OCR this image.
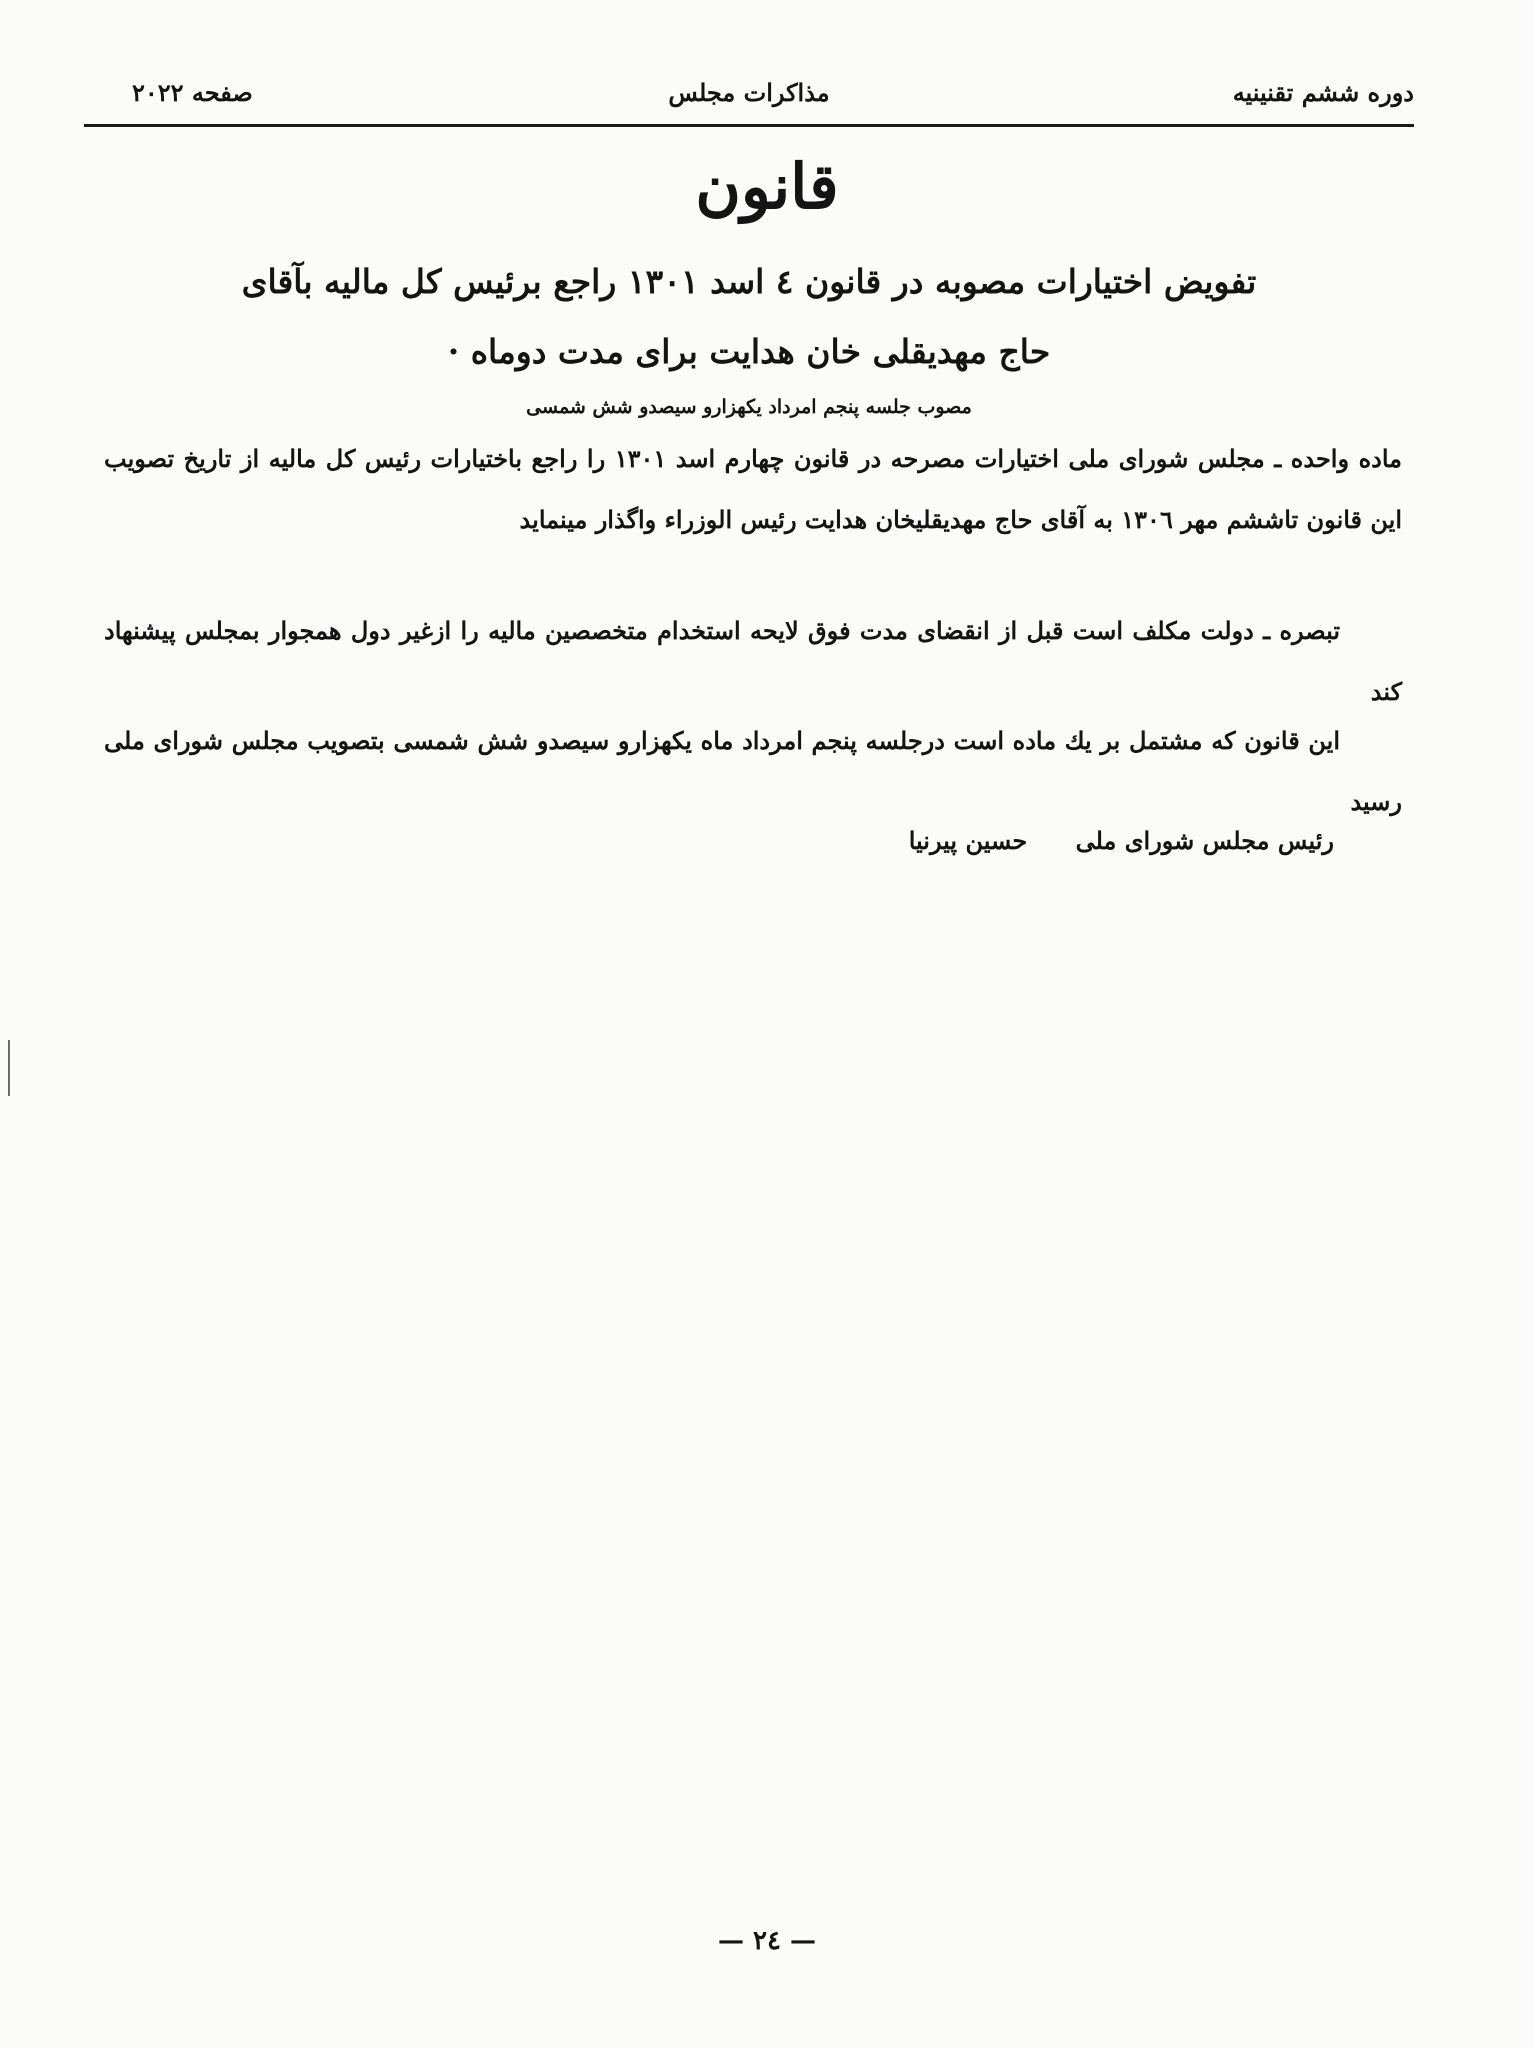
دوره ششم تقنینیه
مذاکرات مجلس
صفحه ۲۰۲۲
قانون
تفویض اختیارات مصوبه در قانون ٤ اسد ۱۳۰۱ راجع برئیس کل مالیه بآقای
حاج مهدیقلی خان هدایت برای مدت دوماه ·
مصوب جلسه پنجم امرداد یکهزارو سیصدو شش شمسی

ماده واحده ـ مجلس شورای ملی اختیارات مصرحه در قانون چهارم اسد ۱۳۰۱ را راجع باختیارات رئیس کل مالیه از تاریخ تصویب این قانون تاششم مهر ۱۳۰٦ به آقای حاج مهدیقلیخان هدایت رئیس الوزراء واگذار مینماید

تبصره ـ دولت مکلف است قبل از انقضای مدت فوق لایحه استخدام متخصصین مالیه را ازغیر دول همجوار بمجلس پیشنهاد کند

این قانون که مشتمل بر یك ماده است درجلسه پنجم امرداد ماه یکهزارو سیصدو شش شمسی بتصویب مجلس شورای ملی رسید

رئیس مجلس شورای ملی حسین پیرنیا
— ٢٤ —
